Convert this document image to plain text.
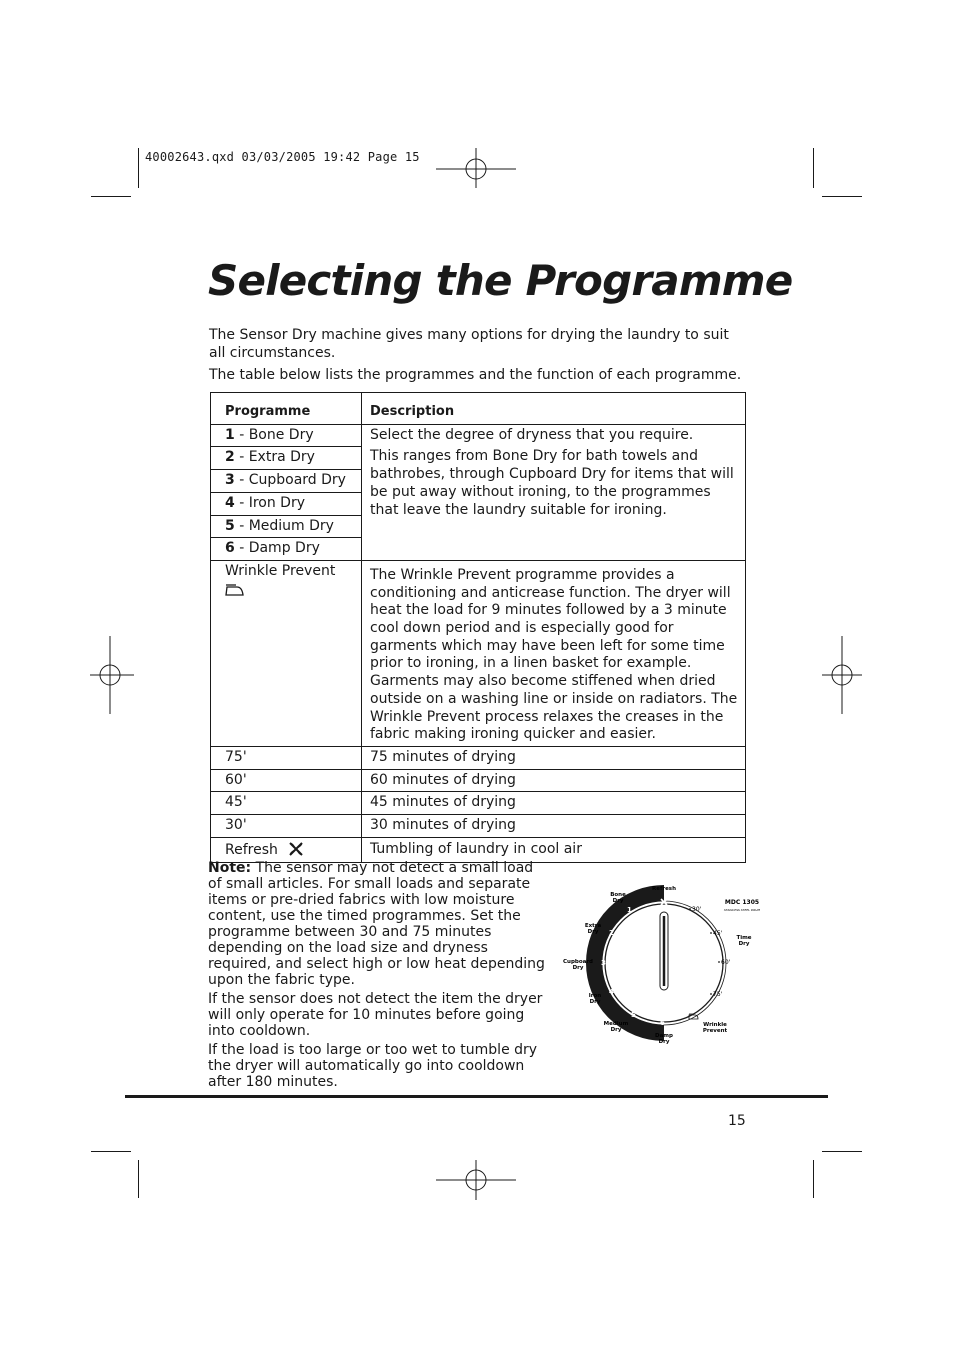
40002643.qxd 03/03/2005 19:42 Page 15
Selecting the Programme

The Sensor Dry machine gives many options for drying the laundry to suit all circumstances.

The table below lists the programmes and the function of each programme.

Programme	Description
1 - Bone Dry	Select the degree of dryness that you require.

This ranges from Bone Dry for bath towels and bathrobes, through Cupboard Dry for items that will be put away without ironing, to the programmes that leave the laundry suitable for ironing.

2 - Extra Dry	
3 - Cupboard Dry	
4 - Iron Dry	
5 - Medium Dry	
6 - Damp Dry	

Wrinkle Prevent	The Wrinkle Prevent programme provides a conditioning and anticrease function. The dryer will heat the load for 9 minutes followed by a 3 minute cool down period and is especially good for garments which may have been left for some time prior to ironing, in a linen basket for example. Garments may also become stiffened when dried outside on a washing line or inside on radiators. The Wrinkle Prevent process relaxes the creases in the fabric making ironing quicker and easier.

75'	75 minutes of drying
60'	60 minutes of drying
45'	45 minutes of drying
30'	30 minutes of drying
Refresh	Tumbling of laundry in cool air

Note: The sensor may not detect a small load of small articles. For small loads and separate items or pre-dried fabrics with low moisture content, use the timed programmes. Set the programme between 30 and 75 minutes depending on the load size and dryness required, and select high or low heat depending upon the fabric type.

If the sensor does not detect the item the dryer will only operate for 10 minutes before going into cooldown.

If the load is too large or too wet to tumble dry the dryer will automatically go into cooldown after 180 minutes.

1
2
3
4
5
6
30'
45'
60'
75'
Bone
Dry
Extra
Dry
Cupboard
Dry
Iron
Dry
Medium
Dry
Damp
Dry
Refresh
Time
Dry
Wrinkle
Prevent
MDC 1305
STAINLESS STEEL DRUM
15
